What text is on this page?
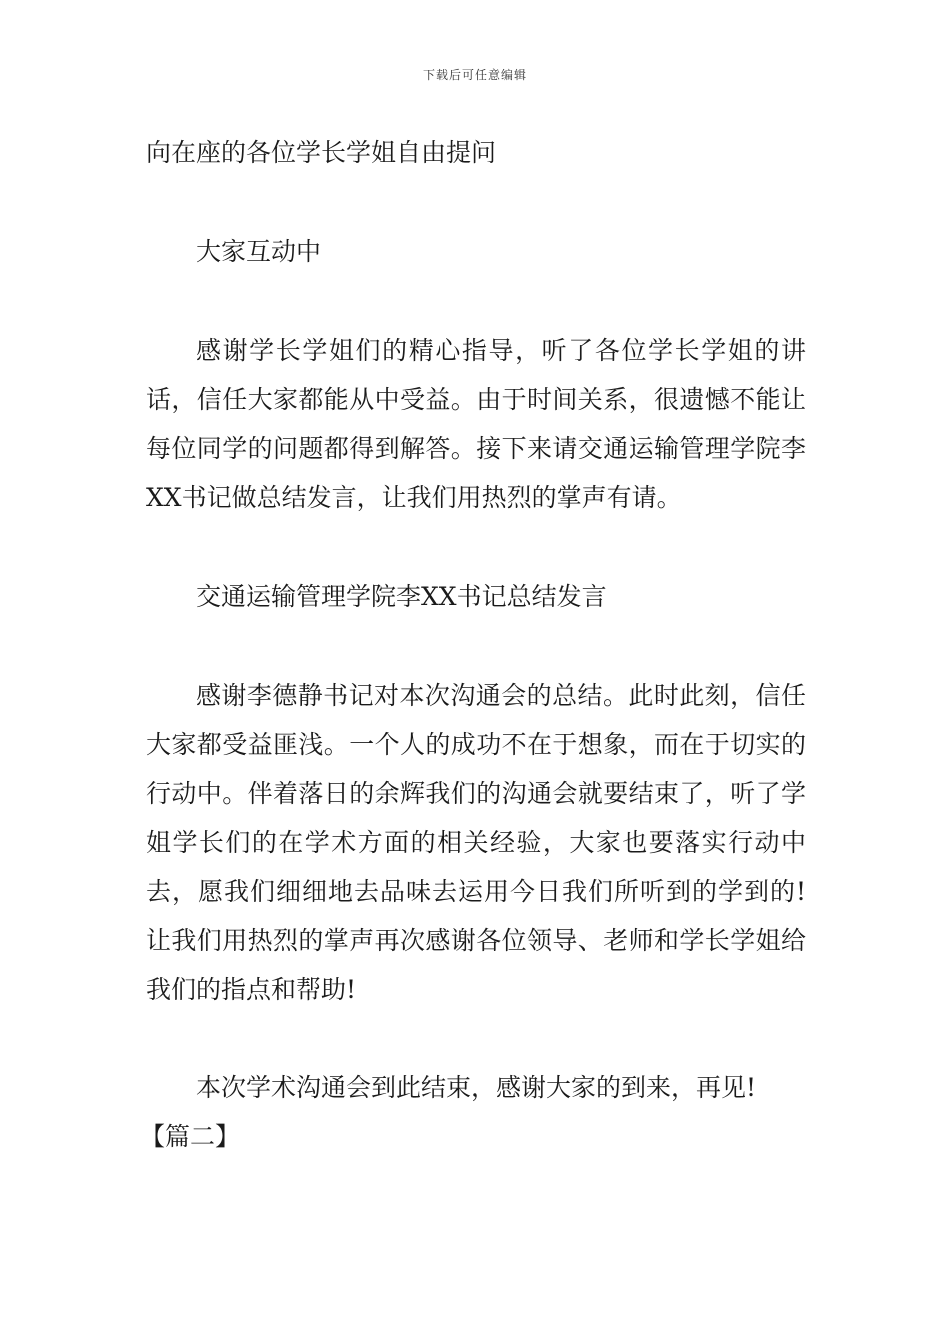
下载后可任意编辑

向在座的各位学长学姐自由提问

大家互动中

感谢学长学姐们的精心指导，听了各位学长学姐的讲话，信任大家都能从中受益。由于时间关系，很遗憾不能让每位同学的问题都得到解答。接下来请交通运输管理学院李XX书记做总结发言，让我们用热烈的掌声有请。

交通运输管理学院李XX书记总结发言

感谢李德静书记对本次沟通会的总结。此时此刻，信任大家都受益匪浅。一个人的成功不在于想象，而在于切实的行动中。伴着落日的余辉我们的沟通会就要结束了，听了学姐学长们的在学术方面的相关经验，大家也要落实行动中去，愿我们细细地去品味去运用今日我们所听到的学到的!让我们用热烈的掌声再次感谢各位领导、老师和学长学姐给我们的指点和帮助!

本次学术沟通会到此结束，感谢大家的到来，再见!

【篇二】
